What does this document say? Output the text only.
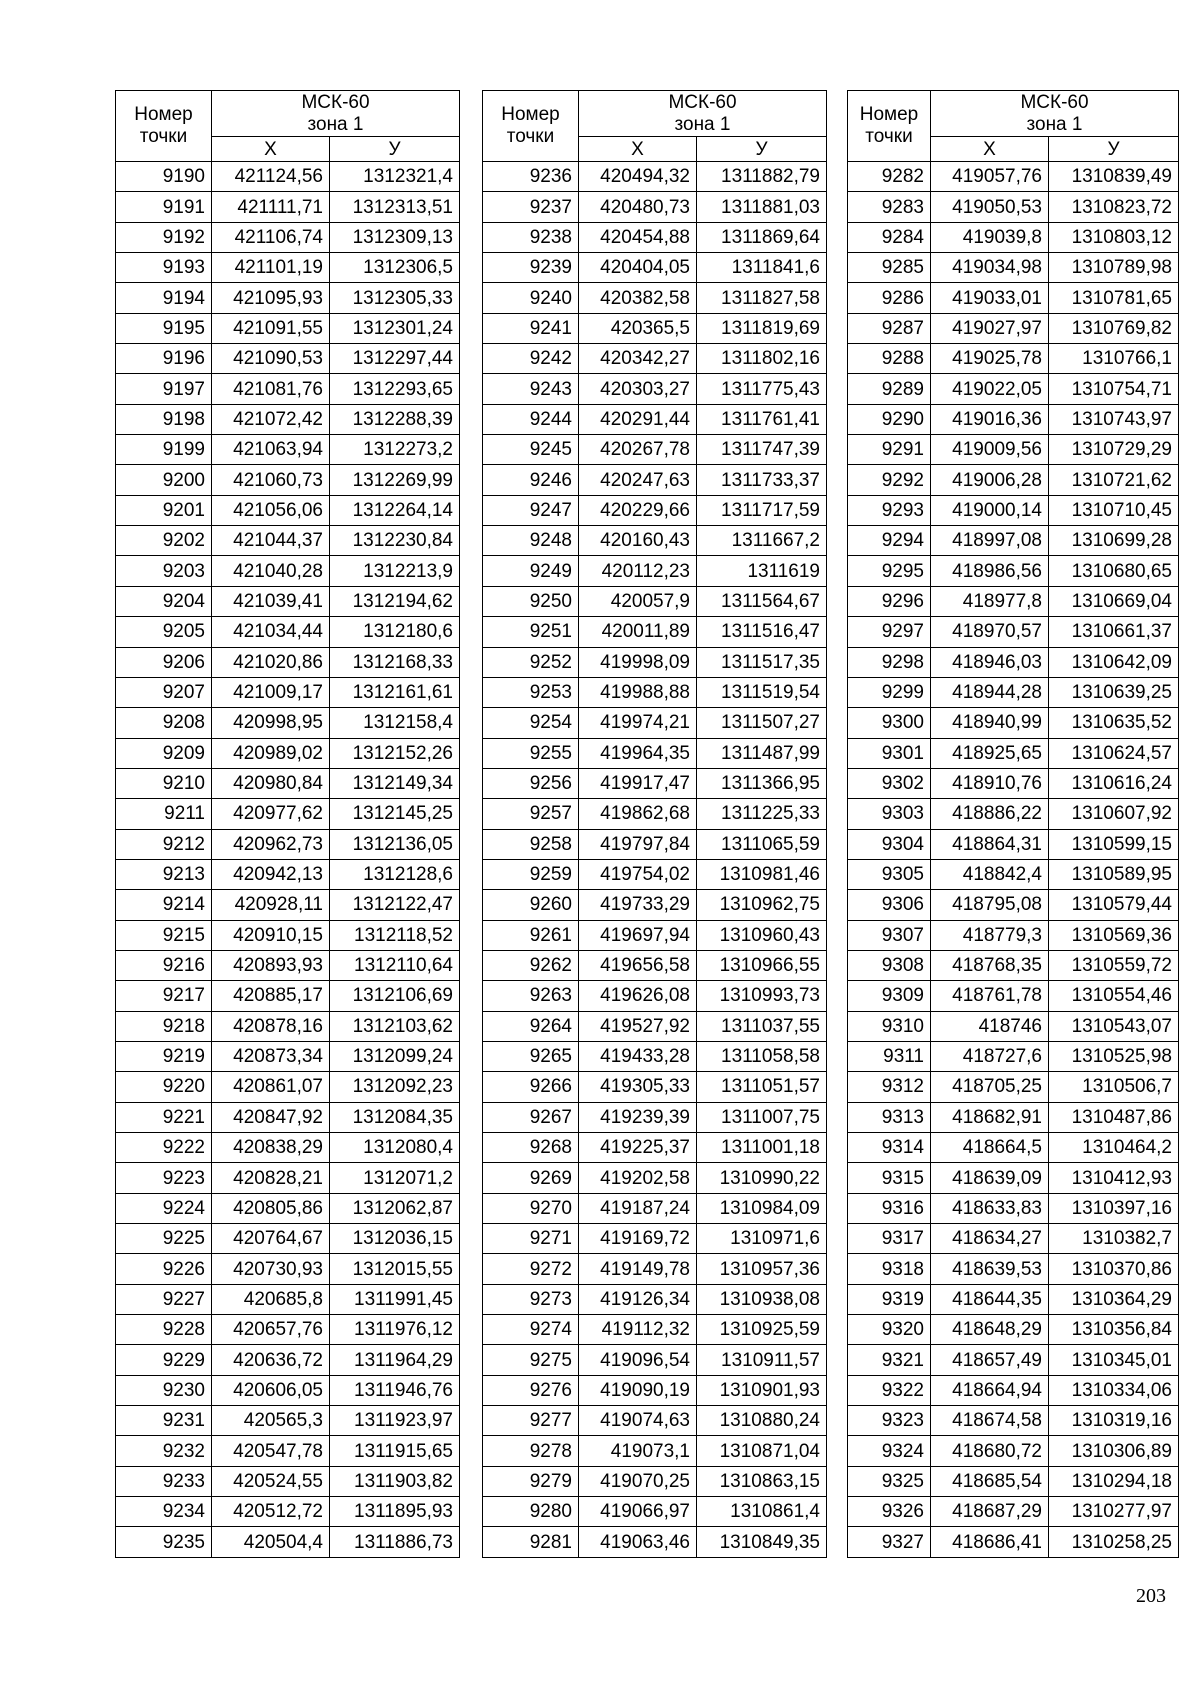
Номер
точки	МСК-60
зона 1	
	Х	У
9190	421124,56	1312321,4
9191	421111,71	1312313,51
9192	421106,74	1312309,13
9193	421101,19	1312306,5
9194	421095,93	1312305,33
9195	421091,55	1312301,24
9196	421090,53	1312297,44
9197	421081,76	1312293,65
9198	421072,42	1312288,39
9199	421063,94	1312273,2
9200	421060,73	1312269,99
9201	421056,06	1312264,14
9202	421044,37	1312230,84
9203	421040,28	1312213,9
9204	421039,41	1312194,62
9205	421034,44	1312180,6
9206	421020,86	1312168,33
9207	421009,17	1312161,61
9208	420998,95	1312158,4
9209	420989,02	1312152,26
9210	420980,84	1312149,34
9211	420977,62	1312145,25
9212	420962,73	1312136,05
9213	420942,13	1312128,6
9214	420928,11	1312122,47
9215	420910,15	1312118,52
9216	420893,93	1312110,64
9217	420885,17	1312106,69
9218	420878,16	1312103,62
9219	420873,34	1312099,24
9220	420861,07	1312092,23
9221	420847,92	1312084,35
9222	420838,29	1312080,4
9223	420828,21	1312071,2
9224	420805,86	1312062,87
9225	420764,67	1312036,15
9226	420730,93	1312015,55
9227	420685,8	1311991,45
9228	420657,76	1311976,12
9229	420636,72	1311964,29
9230	420606,05	1311946,76
9231	420565,3	1311923,97
9232	420547,78	1311915,65
9233	420524,55	1311903,82
9234	420512,72	1311895,93
9235	420504,4	1311886,73
Номер
точки	МСК-60
зона 1	
	Х	У
9236	420494,32	1311882,79
9237	420480,73	1311881,03
9238	420454,88	1311869,64
9239	420404,05	1311841,6
9240	420382,58	1311827,58
9241	420365,5	1311819,69
9242	420342,27	1311802,16
9243	420303,27	1311775,43
9244	420291,44	1311761,41
9245	420267,78	1311747,39
9246	420247,63	1311733,37
9247	420229,66	1311717,59
9248	420160,43	1311667,2
9249	420112,23	1311619
9250	420057,9	1311564,67
9251	420011,89	1311516,47
9252	419998,09	1311517,35
9253	419988,88	1311519,54
9254	419974,21	1311507,27
9255	419964,35	1311487,99
9256	419917,47	1311366,95
9257	419862,68	1311225,33
9258	419797,84	1311065,59
9259	419754,02	1310981,46
9260	419733,29	1310962,75
9261	419697,94	1310960,43
9262	419656,58	1310966,55
9263	419626,08	1310993,73
9264	419527,92	1311037,55
9265	419433,28	1311058,58
9266	419305,33	1311051,57
9267	419239,39	1311007,75
9268	419225,37	1311001,18
9269	419202,58	1310990,22
9270	419187,24	1310984,09
9271	419169,72	1310971,6
9272	419149,78	1310957,36
9273	419126,34	1310938,08
9274	419112,32	1310925,59
9275	419096,54	1310911,57
9276	419090,19	1310901,93
9277	419074,63	1310880,24
9278	419073,1	1310871,04
9279	419070,25	1310863,15
9280	419066,97	1310861,4
9281	419063,46	1310849,35
Номер
точки	МСК-60
зона 1	
	Х	У
9282	419057,76	1310839,49
9283	419050,53	1310823,72
9284	419039,8	1310803,12
9285	419034,98	1310789,98
9286	419033,01	1310781,65
9287	419027,97	1310769,82
9288	419025,78	1310766,1
9289	419022,05	1310754,71
9290	419016,36	1310743,97
9291	419009,56	1310729,29
9292	419006,28	1310721,62
9293	419000,14	1310710,45
9294	418997,08	1310699,28
9295	418986,56	1310680,65
9296	418977,8	1310669,04
9297	418970,57	1310661,37
9298	418946,03	1310642,09
9299	418944,28	1310639,25
9300	418940,99	1310635,52
9301	418925,65	1310624,57
9302	418910,76	1310616,24
9303	418886,22	1310607,92
9304	418864,31	1310599,15
9305	418842,4	1310589,95
9306	418795,08	1310579,44
9307	418779,3	1310569,36
9308	418768,35	1310559,72
9309	418761,78	1310554,46
9310	418746	1310543,07
9311	418727,6	1310525,98
9312	418705,25	1310506,7
9313	418682,91	1310487,86
9314	418664,5	1310464,2
9315	418639,09	1310412,93
9316	418633,83	1310397,16
9317	418634,27	1310382,7
9318	418639,53	1310370,86
9319	418644,35	1310364,29
9320	418648,29	1310356,84
9321	418657,49	1310345,01
9322	418664,94	1310334,06
9323	418674,58	1310319,16
9324	418680,72	1310306,89
9325	418685,54	1310294,18
9326	418687,29	1310277,97
9327	418686,41	1310258,25
203
